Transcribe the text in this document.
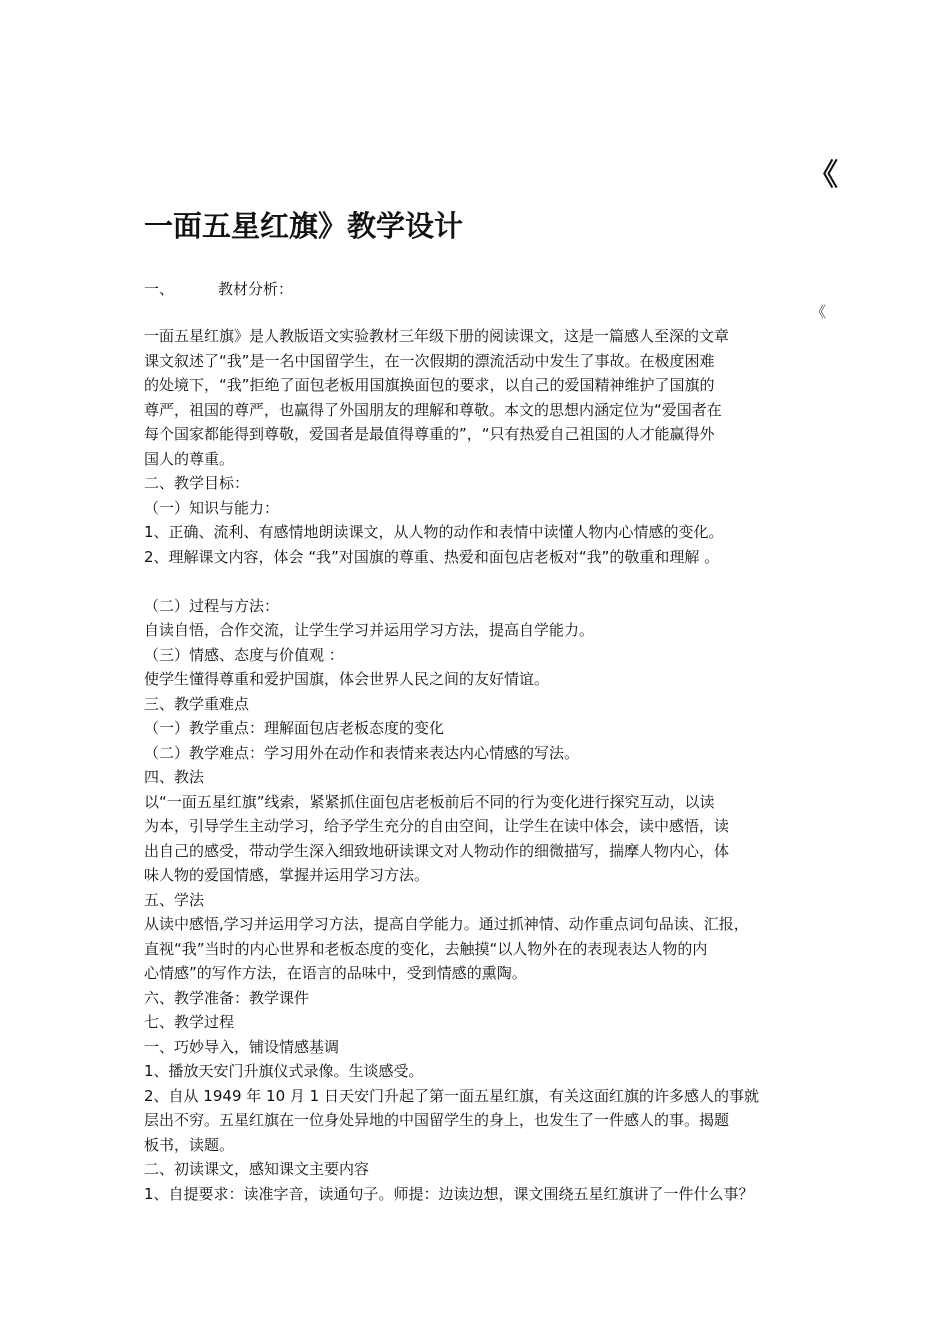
《
一面五星红旗》教学设计
一、	教材分析：
《

一面五星红旗》是人教版语文实验教材三年级下册的阅读课文，这是一篇感人至深的文章

课文叙述了“我”是一名中国留学生，在一次假期的漂流活动中发生了事故。在极度困难

的处境下，“我”拒绝了面包老板用国旗换面包的要求，以自己的爱国精神维护了国旗的

尊严，祖国的尊严，也赢得了外国朋友的理解和尊敬。本文的思想内涵定位为“爱国者在

每个国家都能得到尊敬，爱国者是最值得尊重的”，“只有热爱自己祖国的人才能赢得外

国人的尊重。

二、教学目标：

（一）知识与能力：

1、正确、流利、有感情地朗读课文，从人物的动作和表情中读懂人物内心情感的变化。

2、理解课文内容，体会 “我”对国旗的尊重、热爱和面包店老板对“我”的敬重和理解 。

（二）过程与方法：

自读自悟，合作交流，让学生学习并运用学习方法，提高自学能力。

（三）情感、态度与价值观 ：

使学生懂得尊重和爱护国旗，体会世界人民之间的友好情谊。

三、教学重难点

（一）教学重点：理解面包店老板态度的变化

（二）教学难点：学习用外在动作和表情来表达内心情感的写法。

四、教法

以“一面五星红旗”线索，紧紧抓住面包店老板前后不同的行为变化进行探究互动，以读

为本，引导学生主动学习，给予学生充分的自由空间，让学生在读中体会，读中感悟，读

出自己的感受，带动学生深入细致地研读课文对人物动作的细微描写，揣摩人物内心，体

味人物的爱国情感，掌握并运用学习方法。

五、学法

从读中感悟,学习并运用学习方法，提高自学能力。通过抓神情、动作重点词句品读、汇报，

直视“我”当时的内心世界和老板态度的变化，去触摸“以人物外在的表现表达人物的内

心情感”的写作方法，在语言的品味中，受到情感的熏陶。

六、教学准备：教学课件

七、教学过程

一、巧妙导入，铺设情感基调

1、播放天安门升旗仪式录像。生谈感受。

2、自从 1949 年 10 月 1 日天安门升起了第一面五星红旗，有关这面红旗的许多感人的事就

层出不穷。五星红旗在一位身处异地的中国留学生的身上，也发生了一件感人的事。揭题

板书，读题。

二、初读课文，感知课文主要内容

1、自提要求：读准字音，读通句子。师提：边读边想，课文围绕五星红旗讲了一件什么事？
